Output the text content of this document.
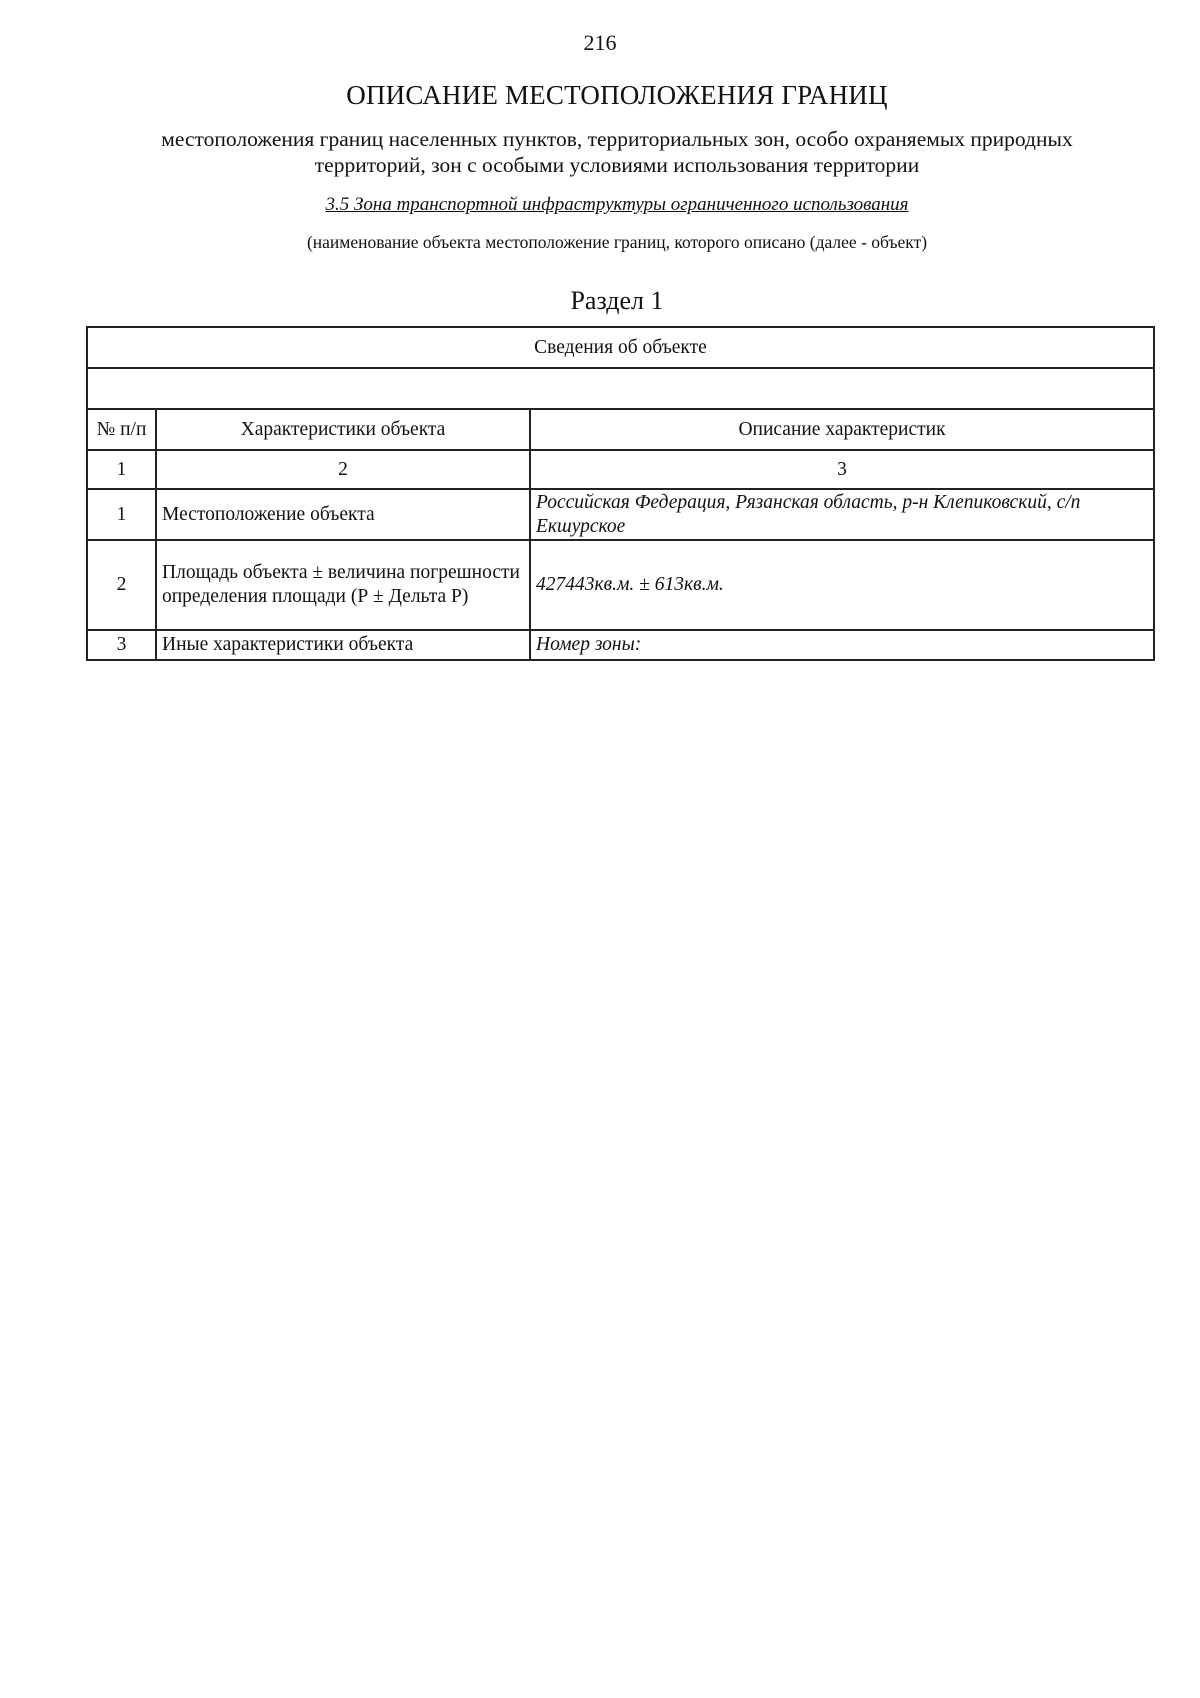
216
ОПИСАНИЕ МЕСТОПОЛОЖЕНИЯ ГРАНИЦ
местоположения границ населенных пунктов, территориальных зон, особо охраняемых природных территорий, зон с особыми условиями использования территории
3.5 Зона транспортной инфраструктуры ограниченного использования
(наименование объекта местоположение границ, которого описано (далее - объект)
Раздел 1
Сведения об объекте		

№ п/п	Характеристики объекта	Описание характеристик
1	2	3
1	Местоположение объекта	Российская Федерация, Рязанская область, р-н Клепиковский, с/п Екшурское
2	Площадь объекта ± величина погрешности определения площади (Р ± Дельта Р)	427443кв.м. ± 613кв.м.
3	Иные характеристики объекта	Номер зоны:
